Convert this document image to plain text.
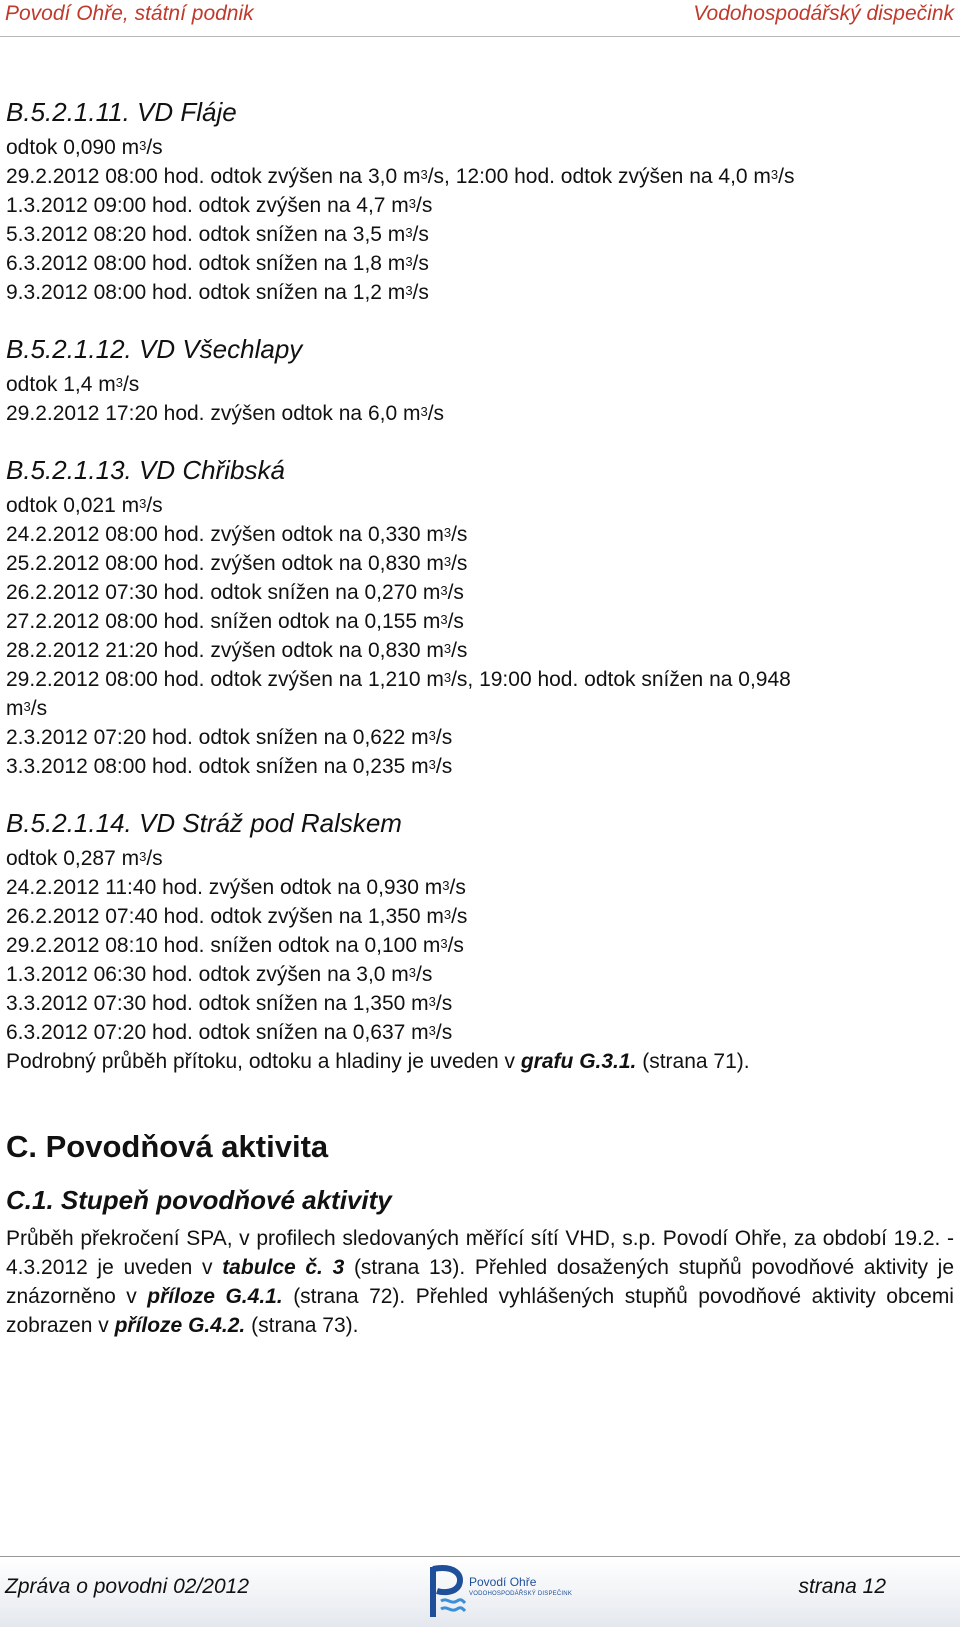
Povodí Ohře, státní podnik	Vodohospodářský dispečink
B.5.2.1.11. VD Fláje
odtok 0,090 $m^3/s$
29.2.2012 08:00 hod. odtok zvýšen na 3,0 $m^3/s$, 12:00 hod. odtok zvýšen na 4,0 $m^3/s$
1.3.2012 09:00 hod. odtok zvýšen na 4,7 $m^3/s$
5.3.2012 08:20 hod. odtok snížen na 3,5 $m^3/s$
6.3.2012 08:00 hod. odtok snížen na 1,8 $m^3/s$
9.3.2012 08:00 hod. odtok snížen na 1,2 $m^3/s$
B.5.2.1.12. VD Všechlapy
odtok 1,4 $m^3/s$
29.2.2012 17:20 hod. zvýšen odtok na 6,0 $m^3/s$
B.5.2.1.13. VD Chřibská
odtok 0,021 $m^3/s$
24.2.2012 08:00 hod. zvýšen odtok na 0,330 $m^3/s$
25.2.2012 08:00 hod. zvýšen odtok na 0,830 $m^3/s$
26.2.2012 07:30 hod. odtok snížen na 0,270 $m^3/s$
27.2.2012 08:00 hod. snížen odtok na 0,155 $m^3/s$
28.2.2012 21:20 hod. zvýšen odtok na 0,830 $m^3/s$
29.2.2012 08:00 hod. odtok zvýšen na 1,210 $m^3/s$, 19:00 hod. odtok snížen na 0,948
$m^3/s$
2.3.2012 07:20 hod. odtok snížen na 0,622 $m^3/s$
3.3.2012 08:00 hod. odtok snížen na 0,235 $m^3/s$
B.5.2.1.14. VD Stráž pod Ralskem
odtok 0,287 $m^3/s$
24.2.2012 11:40 hod. zvýšen odtok na 0,930 $m^3/s$
26.2.2012 07:40 hod. odtok zvýšen na 1,350 $m^3/s$
29.2.2012 08:10 hod. snížen odtok na 0,100 $m^3/s$
1.3.2012 06:30 hod. odtok zvýšen na 3,0 $m^3/s$
3.3.2012 07:30 hod. odtok snížen na 1,350 $m^3/s$
6.3.2012 07:20 hod. odtok snížen na 0,637 $m^3/s$
Podrobný průběh přítoku, odtoku a hladiny je uveden v grafu G.3.1. (strana 71).
C. Povodňová aktivita
C.1. Stupeň povodňové aktivity
Průběh překročení SPA, v profilech sledovaných měřící sítí VHD, s.p. Povodí Ohře, za období 19.2. - 4.3.2012 je uveden v tabulce č. 3 (strana 13). Přehled dosažených stupňů povodňové aktivity je znázorněno v příloze G.4.1. (strana 72). Přehled vyhlášených stupňů povodňové aktivity obcemi zobrazen v příloze G.4.2. (strana 73).
Zpráva o povodni 02/2012	Povodí Ohře
VODOHOSPODÁŘSKÝ DISPEČINK	strana 12
